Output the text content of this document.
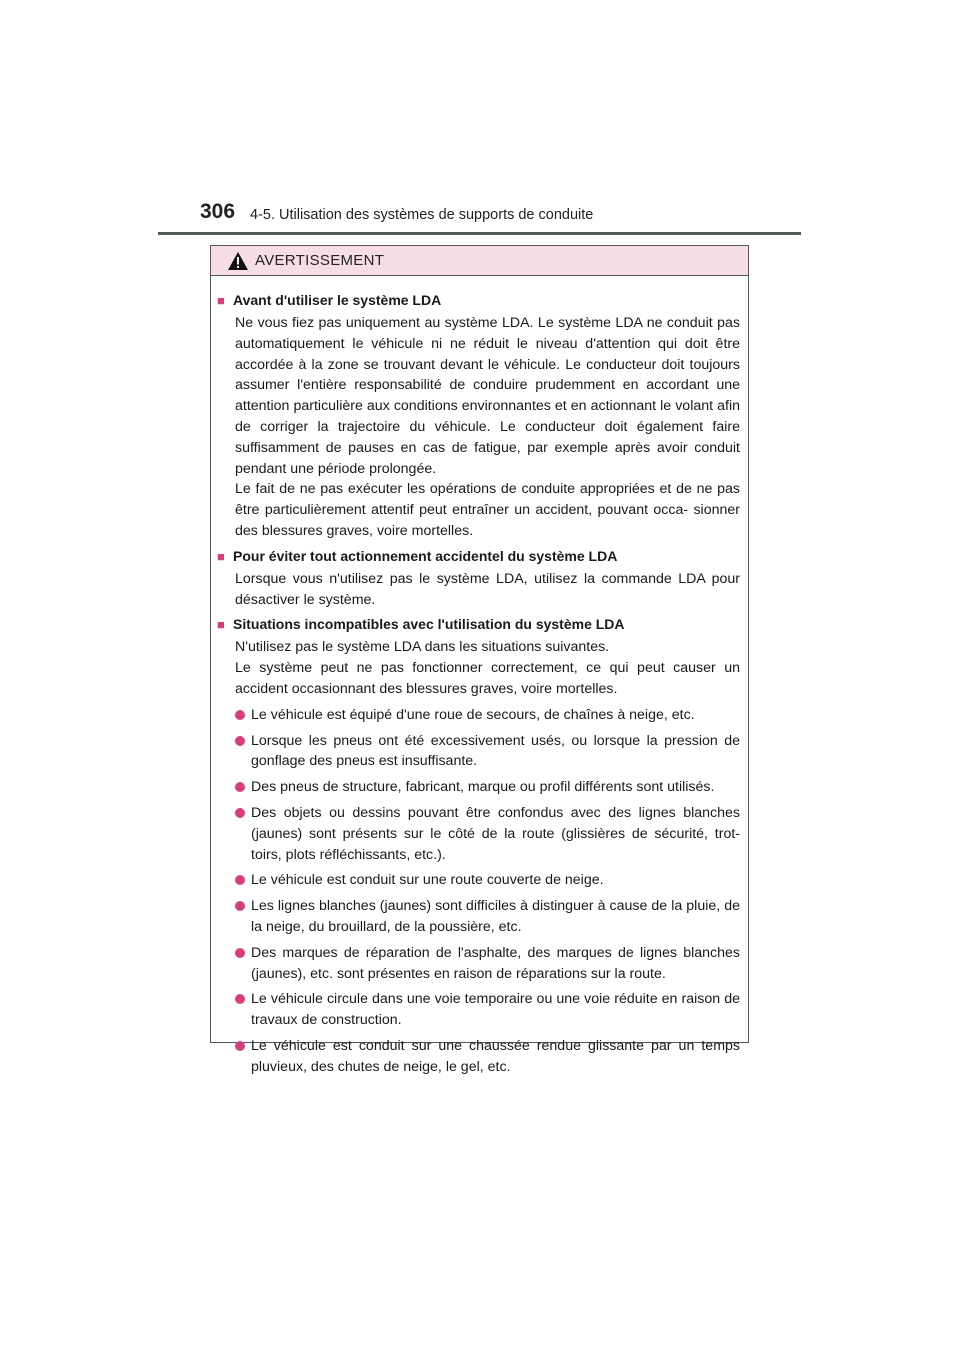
306 4-5. Utilisation des systèmes de supports de conduite
AVERTISSEMENT
■ Avant d'utiliser le système LDA
Ne vous fiez pas uniquement au système LDA. Le système LDA ne conduit pas automatiquement le véhicule ni ne réduit le niveau d'attention qui doit être accordée à la zone se trouvant devant le véhicule. Le conducteur doit toujours assumer l'entière responsabilité de conduire prudemment en accordant une attention particulière aux conditions environnantes et en actionnant le volant afin de corriger la trajectoire du véhicule. Le conducteur doit également faire suffisamment de pauses en cas de fatigue, par exemple après avoir conduit pendant une période prolongée.
Le fait de ne pas exécuter les opérations de conduite appropriées et de ne pas être particulièrement attentif peut entraîner un accident, pouvant occa- sionner des blessures graves, voire mortelles.
■ Pour éviter tout actionnement accidentel du système LDA
Lorsque vous n'utilisez pas le système LDA, utilisez la commande LDA pour désactiver le système.
■ Situations incompatibles avec l'utilisation du système LDA
N'utilisez pas le système LDA dans les situations suivantes.
Le système peut ne pas fonctionner correctement, ce qui peut causer un accident occasionnant des blessures graves, voire mortelles.
Le véhicule est équipé d'une roue de secours, de chaînes à neige, etc.
Lorsque les pneus ont été excessivement usés, ou lorsque la pression de gonflage des pneus est insuffisante.
Des pneus de structure, fabricant, marque ou profil différents sont utilisés.
Des objets ou dessins pouvant être confondus avec des lignes blanches (jaunes) sont présents sur le côté de la route (glissières de sécurité, trot- toirs, plots réfléchissants, etc.).
Le véhicule est conduit sur une route couverte de neige.
Les lignes blanches (jaunes) sont difficiles à distinguer à cause de la pluie, de la neige, du brouillard, de la poussière, etc.
Des marques de réparation de l'asphalte, des marques de lignes blanches (jaunes), etc. sont présentes en raison de réparations sur la route.
Le véhicule circule dans une voie temporaire ou une voie réduite en raison de travaux de construction.
Le véhicule est conduit sur une chaussée rendue glissante par un temps pluvieux, des chutes de neige, le gel, etc.
